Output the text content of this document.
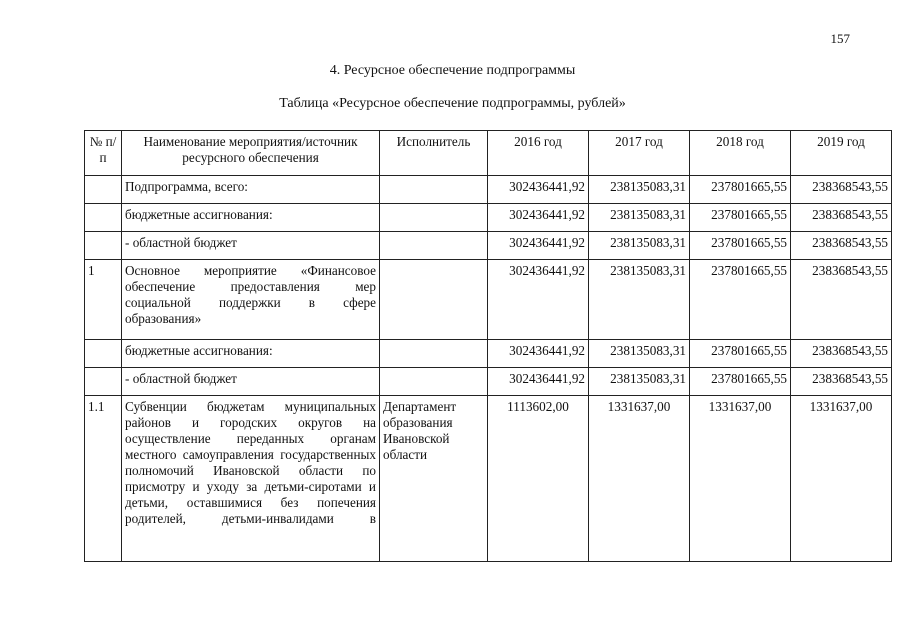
157
4. Ресурсное обеспечение подпрограммы
Таблица «Ресурсное обеспечение подпрограммы, рублей»
№ п/п	Наименование мероприятия/источник ресурсного обеспечения	Исполнитель	2016 год	2017 год	2018 год	2019 год
	Подпрограмма, всего:		302436441,92	238135083,31	237801665,55	238368543,55
	бюджетные ассигнования:		302436441,92	238135083,31	237801665,55	238368543,55
	- областной бюджет		302436441,92	238135083,31	237801665,55	238368543,55
1	Основное мероприятие «Финансовое обеспечение предоставления мер социальной поддержки в сфере образования»		302436441,92	238135083,31	237801665,55	238368543,55
	бюджетные ассигнования:		302436441,92	238135083,31	237801665,55	238368543,55
	- областной бюджет		302436441,92	238135083,31	237801665,55	238368543,55
1.1	Субвенции бюджетам муниципальных районов и городских округов на осуществление переданных органам местного самоуправления государственных полномочий Ивановской области по присмотру и уходу за детьми-сиротами и детьми, оставшимися без попечения родителей, детьми-инвалидами в	Департамент образования Ивановской области	1113602,00	1331637,00	1331637,00	1331637,00
